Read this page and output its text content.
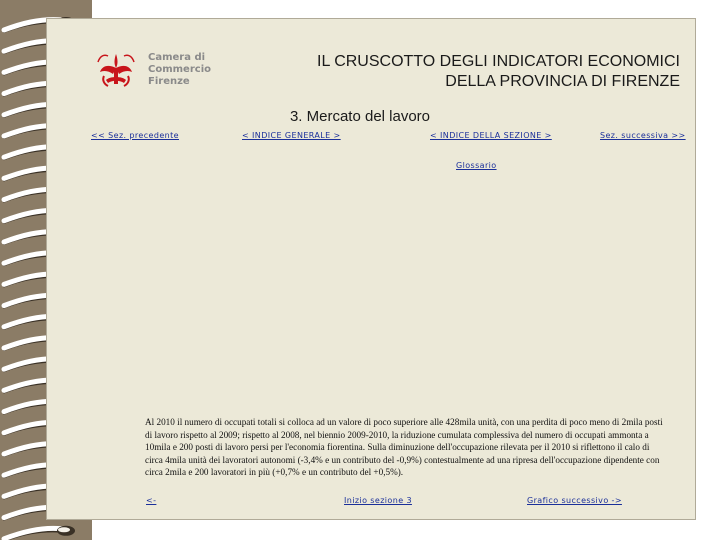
Camera di Commercio
Firenze
IL CRUSCOTTO DEGLI INDICATORI ECONOMICI
DELLA PROVINCIA DI FIRENZE
3. Mercato del lavoro
<< Sez. precedente	< INDICE GENERALE >	< INDICE DELLA SEZIONE >	Sez. successiva >>
Glossario
Al 2010 il numero di occupati totali si colloca ad un valore di poco superiore alle 428mila unità, con una perdita di poco meno di 2mila posti di lavoro rispetto al 2009; rispetto al 2008, nel biennio 2009-2010, la riduzione cumulata complessiva del numero di occupati ammonta a 10mila e 200 posti di lavoro persi per l'economia fiorentina. Sulla diminuzione dell'occupazione rilevata per il 2010 si riflettono il calo di circa 4mila unità dei lavoratori autonomi (-3,4% e un contributo del -0,9%) contestualmente ad una ripresa dell'occupazione dipendente con circa 2mila e 200 lavoratori in più (+0,7% e un contributo del +0,5%).
<-	Inizio sezione 3	Grafico successivo ->
